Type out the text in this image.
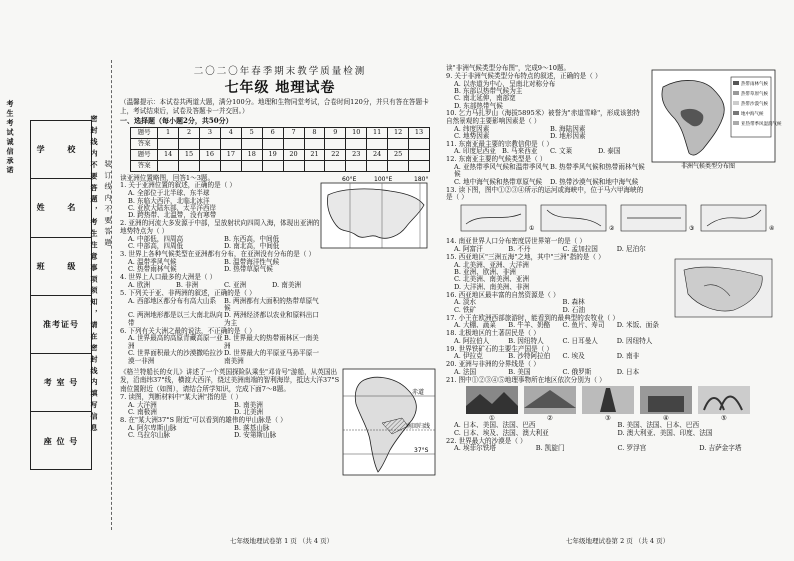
学 校
姓 名
班 级
准考证号
考 室 号
座 位 号
密 封 线 内 不 要 答 题 ， 考 生 注 意 事 项 须 知 ， 请 在 密 封 线 内 填 写 信 息
考 生 考 试 诚 信 承 诺
装 订 线 内 不 要 答 题
二〇二〇年春季期末教学质量检测
七年级 地理试卷
（温馨提示：本试卷共两道大题，满分100分。地理和生物同堂考试，合卷时间120分，并只有答在答题卡上，考试结束后，试卷及答题卡一并交回。）
一、选择题（每小题2分，共50分）
题号	1	2	3	4	5	6	7	8	9	10	11	12	13
答案													
题号	14	15	16	17	18	19	20	21	22	23	24	25	
答案													
读亚洲位置略图，回答1～3题。
1. 关于亚洲位置的叙述，正确的是（ ）
A. 全部位于北半球、东半球
B. 东临大西洋，北临北冰洋
C. 亚欧大陆东部，太平洋西岸
D. 跨热带、北温带，没有寒带
2. 亚洲的河流大多发源于中部，呈放射状向四周入海，体现出亚洲的地势特点为（ ）
A. 中部低，四周高	B. 东西高，中间低
C. 中部高，四周低	D. 南北高，中间低
3. 世界上各种气候类型在亚洲都有分布，在亚洲没有分布的是（ ）
A. 温带季风气候	B. 温带海洋性气候
C. 热带雨林气候	D. 热带草原气候
4. 世界上人口最多的大洲是（ ）
A. 欧洲	B. 非洲	C. 亚洲	D. 南美洲
5. 下列关于亚、非两洲的叙述，正确的是（ ）
A. 西部地区都分布有高大山系	B. 两洲都有大面积的热带草原气候
C. 两洲地形都是以三大南北纵向带
D. 两洲经济都以农业和原料出口为主
6. 下列有关大洲之最的说法，不正确的是（ ）
A. 世界最高的高原青藏高原一亚洲
B. 世界最大的热带雨林区一南美洲
C. 世界面积最大的沙漠撒哈拉沙漠一非洲
D. 世界最大的平原亚马孙平原一南美洲
60°E	100°E	180°
《格兰特船长的女儿》讲述了一个英国探险队乘坐"邓肯号"游船，从英国出发，沿南纬37°线，横渡大西洋，绕过美洲南端的智利海岸，抵达大洋37°S南位置附近（如图），请结合所学知识，完成下面7～8题。
7. 读图，判断材料中"某大洲"指的是（ ）
A. 大洋洲	B. 南美洲
C. 南极洲	D. 北美洲
8. 在"某大洲37°S 附近"可以看到的雄伟的甲山脉是（ ）
A. 阿尔卑斯山脉	B. 落基山脉
C. 乌拉尔山脉	D. 安第斯山脉
赤道
南回归线
37°S
七年级地理试卷第 1 页 （共 4 页）
读"非洲气候类型分布图"，完成9～10题。
9. 关于非洲气候类型分布特点的叙述，正确的是（ ）
A. 以赤道为中心，呈南北对称分布
B. 东部以热带气候为主
C. 南北延伸，南部宽
D. 东部热带气候
10. 乞力马扎罗山（海拔5895米）被誉为"赤道雪峰"，形成该独特自然景观的主要影响因素是（ ）
A. 纬度因素	B. 海陆因素
C. 地势因素	D. 地形因素
11. 东南亚最主要的宗教信仰是（ ）
A. 印度尼西亚 B. 马来西亚	C. 文莱	D. 泰国
12. 东南亚主要的气候类型是（ ）
A. 亚热带季风气候和温带季风气候
B. 热带季风气候和热带雨林气候
C. 地中海气候和热带草原气候	D. 热带沙漠气候和地中海气候
13. 读下图，图中①②③④所示的运河或海峡中，位于马六甲海峡的是（ ）
热带雨林气候
热带草原气候
热带沙漠气候
地中海气候
亚热带季风湿润气候
非洲气候类型分布图
①	②	③	④
14. 南亚世界人口分布密度居世界第一的是（ ）
A. 阿富汗	B. 不丹	C. 孟加拉国	D. 尼泊尔
15. 西亚地区"三洲五海"之地，其中"三洲"指的是（ ）
A. 北美洲、亚洲、大洋洲
B. 亚洲、欧洲、非洲
C. 北美洲、南美洲、亚洲
D. 大洋洲、南美洲、非洲
16. 西亚地区最丰富的自然资源是（ ）
A. 淡水	B. 森林
C. 铁矿	D. 石油
17. 小王在欧洲西部旅游时，能看到的最典型的农牧业（ ）
A. 大棚、蔬菜	B. 牛羊、奶酪	C. 鱼片、寿司	D. 米饭、面条
18. 北极地区的土著居民是（ ）
A. 阿拉伯人	B. 因纽特人	C. 日耳曼人	D. 因纽特人
19. 世界铁矿石的主要生产国是（ ）
A. 伊拉克	B. 沙特阿拉伯	C. 埃及	D. 南非
20. 亚洲与非洲的分界线是（ ）
A. 法国	B. 美国	C. 俄罗斯	D. 日本
21. 图中①②③④⑤地理事物所在地区依次分别为（ ）
①	②	③	④	⑤
A. 日本、美国、法国、巴西	B. 美国、法国、日本、巴西
C. 日本、埃及、法国、澳大利亚	D. 澳大利亚、美国、印度、法国
22. 世界最大的沙漠是（ ）
A. 埃菲尔铁塔	B. 凯旋门	C. 罗浮宫	D. 吉萨金字塔
七年级地理试卷第 2 页 （共 4 页）
